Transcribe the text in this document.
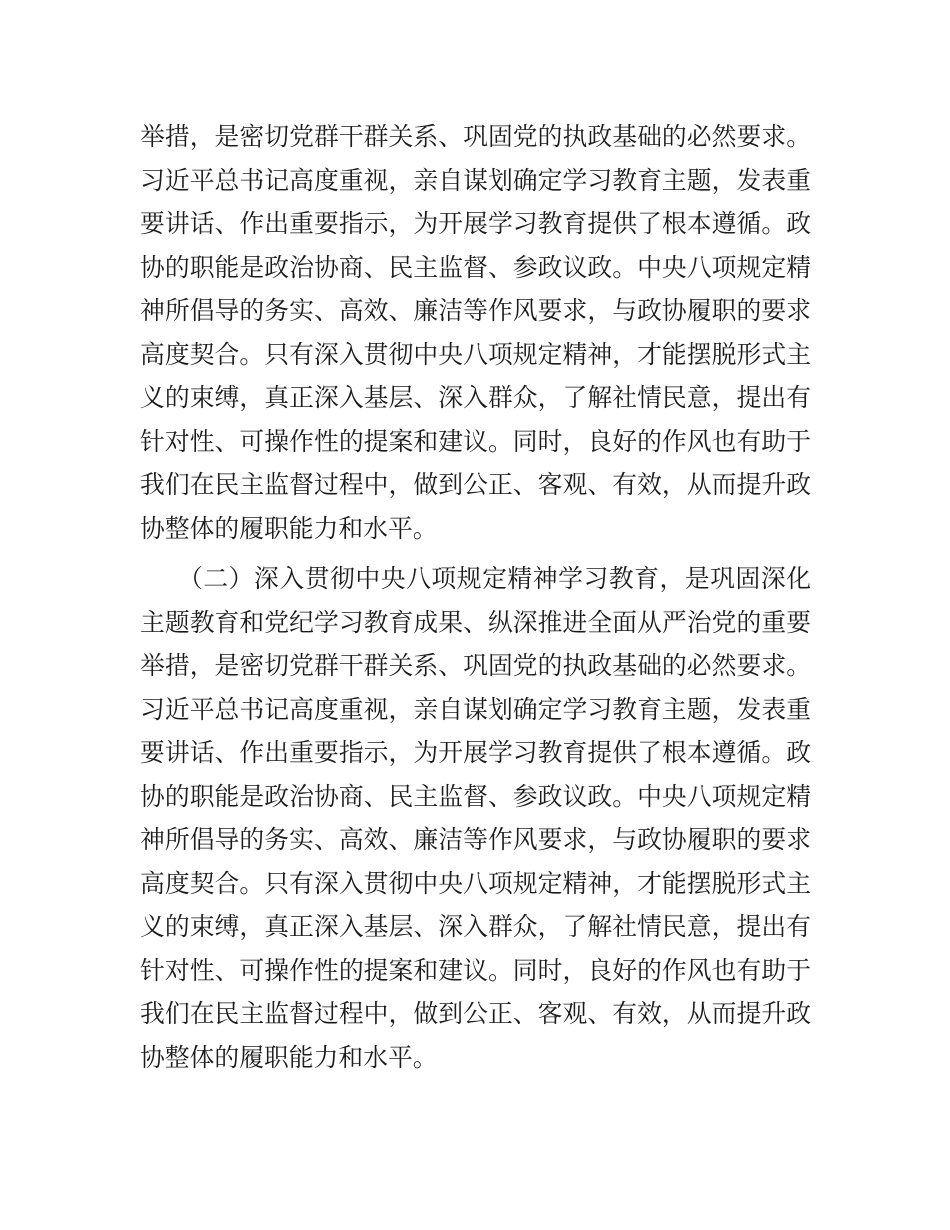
举措，是密切党群干群关系、巩固党的执政基础的必然要求。
习近平总书记高度重视，亲自谋划确定学习教育主题，发表重
要讲话、作出重要指示，为开展学习教育提供了根本遵循。政
协的职能是政治协商、民主监督、参政议政。中央八项规定精
神所倡导的务实、高效、廉洁等作风要求，与政协履职的要求
高度契合。只有深入贯彻中央八项规定精神，才能摆脱形式主
义的束缚，真正深入基层、深入群众，了解社情民意，提出有
针对性、可操作性的提案和建议。同时，良好的作风也有助于
我们在民主监督过程中，做到公正、客观、有效，从而提升政
协整体的履职能力和水平。
（二）深入贯彻中央八项规定精神学习教育，是巩固深化
主题教育和党纪学习教育成果、纵深推进全面从严治党的重要
举措，是密切党群干群关系、巩固党的执政基础的必然要求。
习近平总书记高度重视，亲自谋划确定学习教育主题，发表重
要讲话、作出重要指示，为开展学习教育提供了根本遵循。政
协的职能是政治协商、民主监督、参政议政。中央八项规定精
神所倡导的务实、高效、廉洁等作风要求，与政协履职的要求
高度契合。只有深入贯彻中央八项规定精神，才能摆脱形式主
义的束缚，真正深入基层、深入群众，了解社情民意，提出有
针对性、可操作性的提案和建议。同时，良好的作风也有助于
我们在民主监督过程中，做到公正、客观、有效，从而提升政
协整体的履职能力和水平。
